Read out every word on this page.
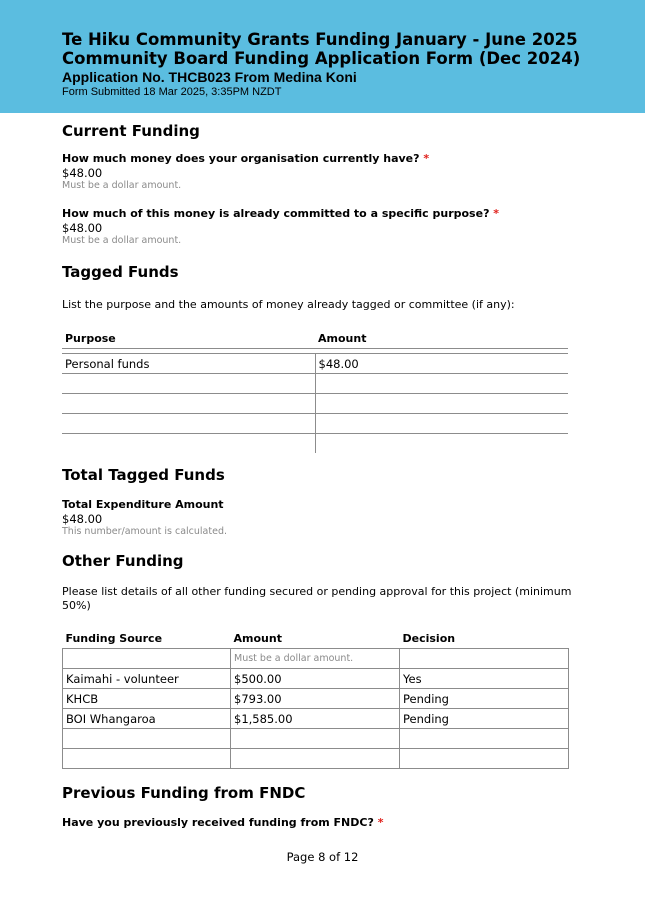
Te Hiku Community Grants Funding January - June 2025
Community Board Funding Application Form (Dec 2024)
Application No. THCB023 From Medina Koni
Form Submitted 18 Mar 2025, 3:35PM NZDT
Current Funding
How much money does your organisation currently have? *
$48.00
Must be a dollar amount.
How much of this money is already committed to a specific purpose? *
$48.00
Must be a dollar amount.
Tagged Funds
List the purpose and the amounts of money already tagged or committee (if any):
Purpose	Amount

Personal funds	$48.00

Total Tagged Funds
Total Expenditure Amount
$48.00
This number/amount is calculated.
Other Funding
Please list details of all other funding secured or pending approval for this project (minimum 50%)
Funding Source	Amount	Decision
	Must be a dollar amount.	
Kaimahi - volunteer	$500.00	Yes
KHCB	$793.00	Pending
BOI Whangaroa	$1,585.00	Pending

Previous Funding from FNDC
Have you previously received funding from FNDC? *
Page 8 of 12
